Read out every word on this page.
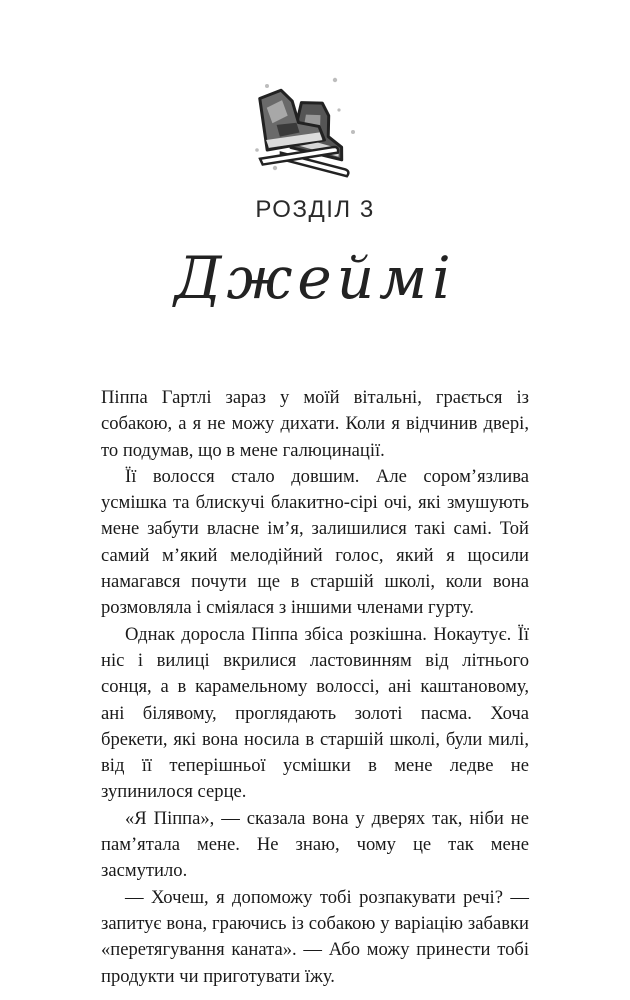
РОЗДІЛ 3
Джеймі

Піппа Гартлі зараз у моїй вітальні, грається із собакою, а я не можу дихати. Коли я відчинив двері, то подумав, що в мене галюцинації.

Її волосся стало довшим. Але сором’язлива усмішка та блискучі блакитно-сірі очі, які змушують мене забути власне ім’я, залишилися такі самі. Той самий м’який мелодійний голос, який я щосили намагався почути ще в старшій школі, коли вона розмовляла і сміялася з іншими членами гурту.

Однак доросла Піппа збіса розкішна. Нокаутує. Її ніс і вилиці вкрилися ластовинням від літнього сонця, а в карамельному волоссі, ані каштановому, ані білявому, проглядають золоті пасма. Хоча брекети, які вона носила в старшій школі, були милі, від її теперішньої усмішки в мене ледве не зупинилося серце.

«Я Піппа», — сказала вона у дверях так, ніби не пам’ятала мене. Не знаю, чому це так мене засмутило.

— Хочеш, я допоможу тобі розпакувати речі? — запитує вона, граючись із собакою у варіацію забавки «перетягування каната». — Або можу принести тобі продукти чи приготувати їжу.
